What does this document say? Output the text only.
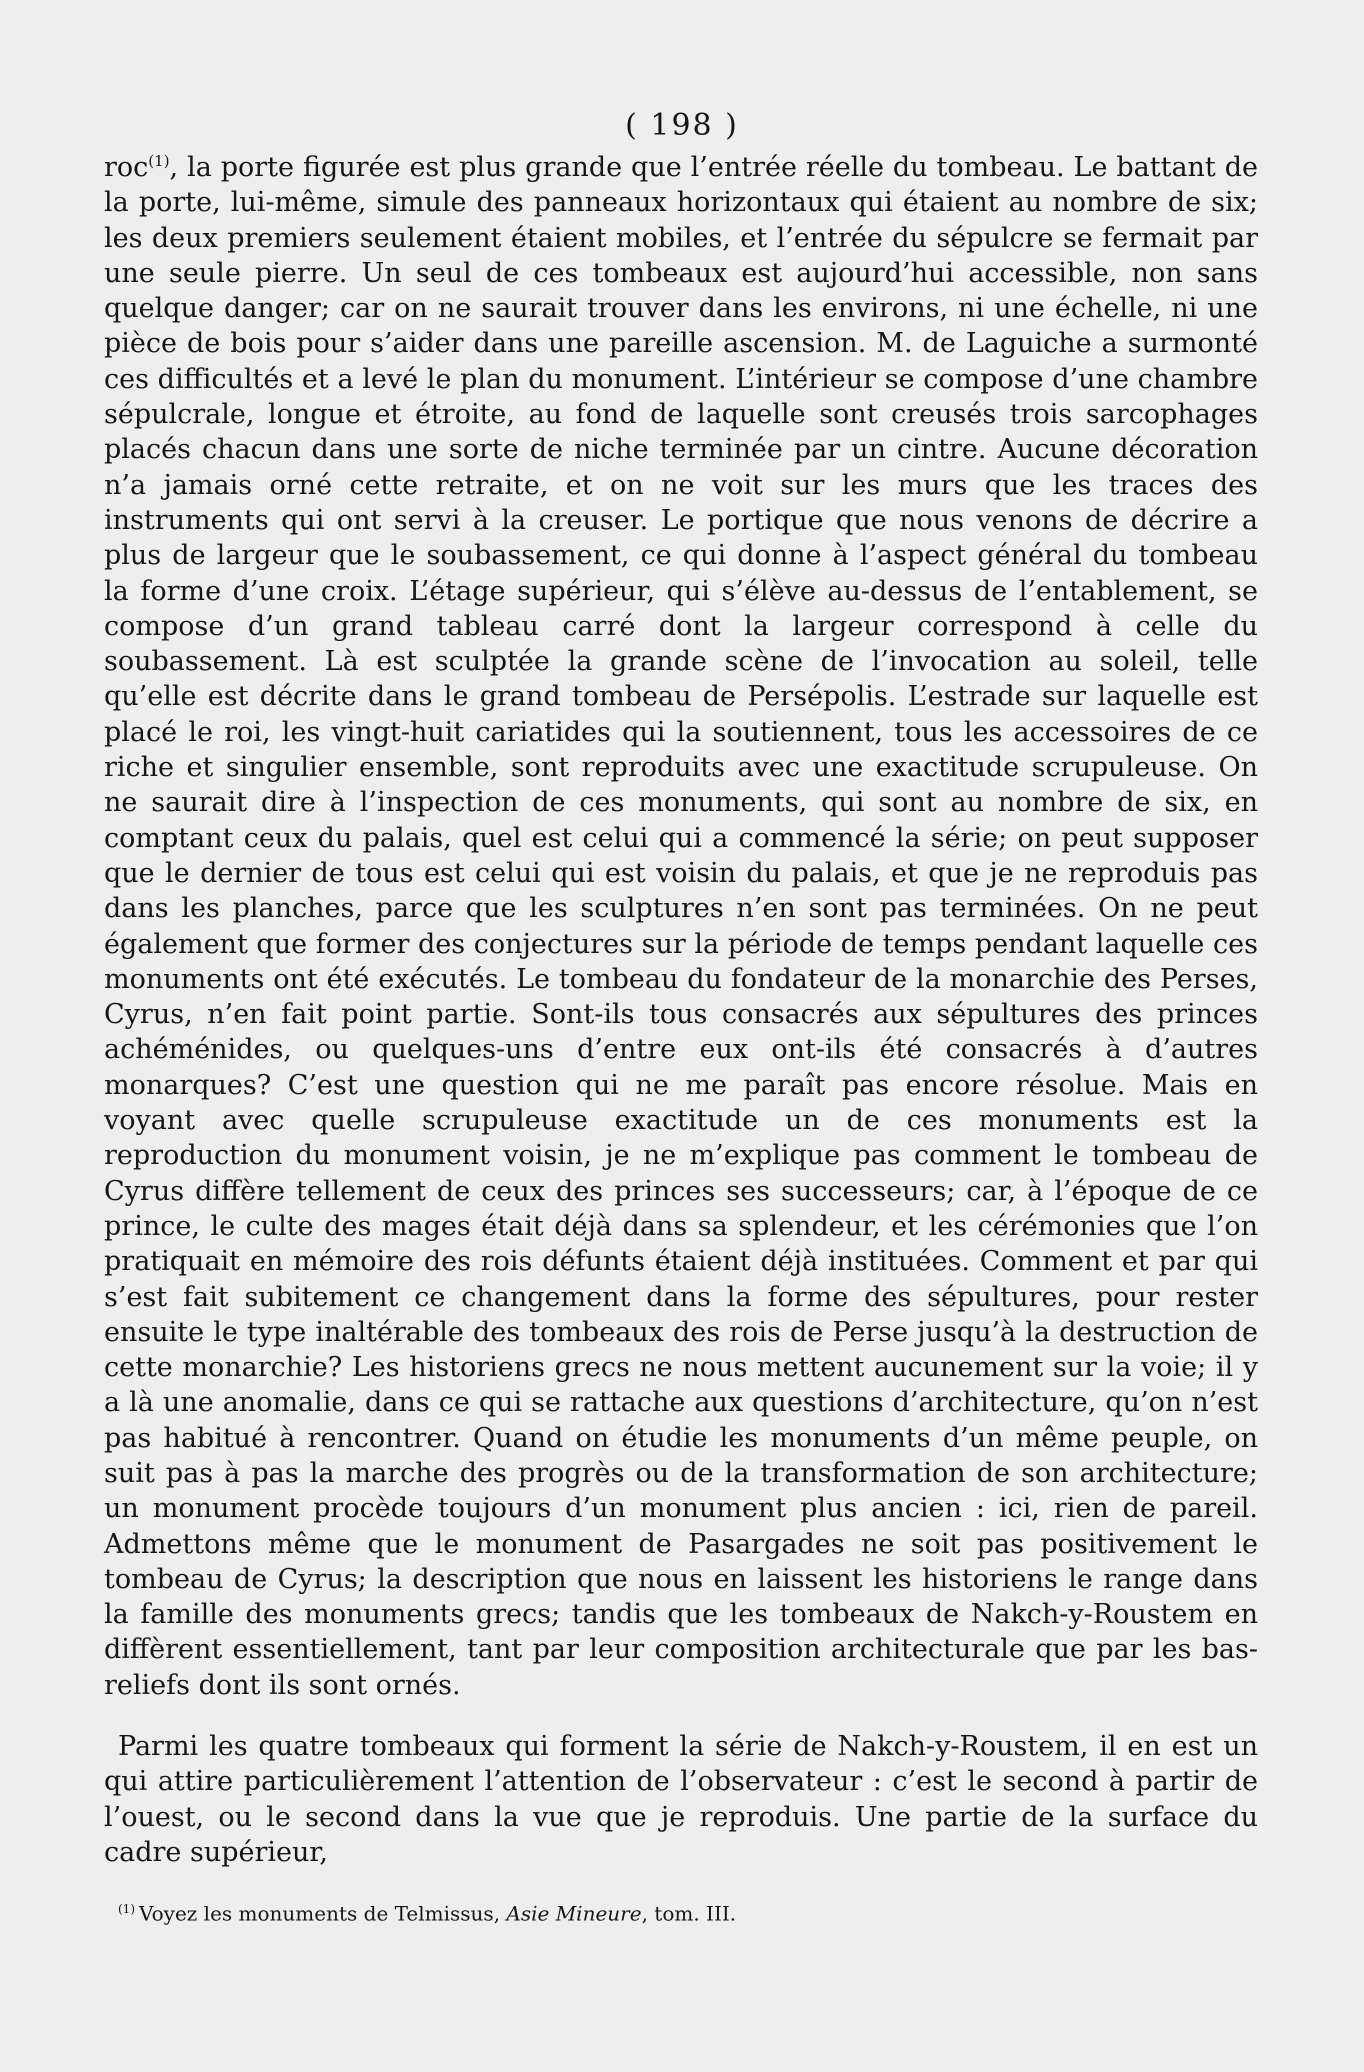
( 198 )

roc$^{(1)}$, la porte figurée est plus grande que l’entrée réelle du tombeau. Le battant de la porte, lui-même, simule des panneaux horizontaux qui étaient au nombre de six; les deux premiers seulement étaient mobiles, et l’entrée du sépulcre se fermait par une seule pierre. Un seul de ces tombeaux est aujourd’hui accessible, non sans quelque danger; car on ne saurait trouver dans les environs, ni une échelle, ni une pièce de bois pour s’aider dans une pareille ascension. M. de Laguiche a surmonté ces difficultés et a levé le plan du monument. L’intérieur se compose d’une chambre sépulcrale, longue et étroite, au fond de laquelle sont creusés trois sarcophages placés chacun dans une sorte de niche terminée par un cintre. Aucune décoration n’a jamais orné cette retraite, et on ne voit sur les murs que les traces des instruments qui ont servi à la creuser. Le portique que nous venons de décrire a plus de largeur que le soubassement, ce qui donne à l’aspect général du tombeau la forme d’une croix. L’étage supérieur, qui s’élève au-dessus de l’entablement, se compose d’un grand tableau carré dont la largeur correspond à celle du soubassement. Là est sculptée la grande scène de l’invocation au soleil, telle qu’elle est décrite dans le grand tombeau de Persépolis. L’estrade sur laquelle est placé le roi, les vingt-huit cariatides qui la soutiennent, tous les accessoires de ce riche et singulier ensemble, sont reproduits avec une exactitude scrupuleuse. On ne saurait dire à l’inspection de ces monuments, qui sont au nombre de six, en comptant ceux du palais, quel est celui qui a commencé la série; on peut supposer que le dernier de tous est celui qui est voisin du palais, et que je ne reproduis pas dans les planches, parce que les sculptures n’en sont pas terminées. On ne peut également que former des conjectures sur la période de temps pendant laquelle ces monuments ont été exécutés. Le tombeau du fondateur de la monarchie des Perses, Cyrus, n’en fait point partie. Sont-ils tous consacrés aux sépultures des princes achéménides, ou quelques-uns d’entre eux ont-ils été consacrés à d’autres monarques? C’est une question qui ne me paraît pas encore résolue. Mais en voyant avec quelle scrupuleuse exactitude un de ces monuments est la reproduction du monument voisin, je ne m’explique pas comment le tombeau de Cyrus diffère tellement de ceux des princes ses successeurs; car, à l’époque de ce prince, le culte des mages était déjà dans sa splendeur, et les cérémonies que l’on pratiquait en mémoire des rois défunts étaient déjà instituées. Comment et par qui s’est fait subitement ce changement dans la forme des sépultures, pour rester ensuite le type inaltérable des tombeaux des rois de Perse jusqu’à la destruction de cette monarchie? Les historiens grecs ne nous mettent aucunement sur la voie; il y a là une anomalie, dans ce qui se rattache aux questions d’architecture, qu’on n’est pas habitué à rencontrer. Quand on étudie les monuments d’un même peuple, on suit pas à pas la marche des progrès ou de la transformation de son architecture; un monument procède toujours d’un monument plus ancien : ici, rien de pareil. Admettons même que le monument de Pasargades ne soit pas positivement le tombeau de Cyrus; la description que nous en laissent les historiens le range dans la famille des monuments grecs; tandis que les tombeaux de Nakch-y-Roustem en diffèrent essentiellement, tant par leur composition architecturale que par les bas-reliefs dont ils sont ornés.

Parmi les quatre tombeaux qui forment la série de Nakch-y-Roustem, il en est un qui attire particulièrement l’attention de l’observateur : c’est le second à partir de l’ouest, ou le second dans la vue que je reproduis. Une partie de la surface du cadre supérieur,

$^{(1)}$ Voyez les monuments de Telmissus, Asie Mineure, tom. III.
